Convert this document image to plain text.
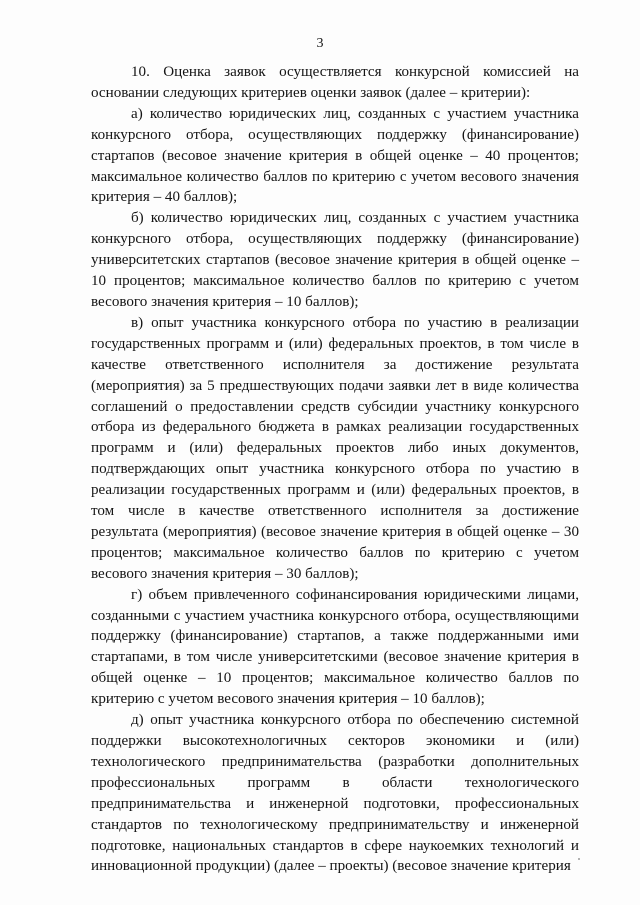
3

10. Оценка заявок осуществляется конкурсной комиссией на основании следующих критериев оценки заявок (далее – критерии):

а) количество юридических лиц, созданных с участием участника конкурсного отбора, осуществляющих поддержку (финансирование) стартапов (весовое значение критерия в общей оценке – 40 процентов; максимальное количество баллов по критерию с учетом весового значения критерия – 40 баллов);

б) количество юридических лиц, созданных с участием участника конкурсного отбора, осуществляющих поддержку (финансирование) университетских стартапов (весовое значение критерия в общей оценке – 10 процентов; максимальное количество баллов по критерию с учетом весового значения критерия – 10 баллов);

в) опыт участника конкурсного отбора по участию в реализации государственных программ и (или) федеральных проектов, в том числе в качестве ответственного исполнителя за достижение результата (мероприятия) за 5 предшествующих подачи заявки лет в виде количества соглашений о предоставлении средств субсидии участнику конкурсного отбора из федерального бюджета в рамках реализации государственных программ и (или) федеральных проектов либо иных документов, подтверждающих опыт участника конкурсного отбора по участию в реализации государственных программ и (или) федеральных проектов, в том числе в качестве ответственного исполнителя за достижение результата (мероприятия) (весовое значение критерия в общей оценке – 30 процентов; максимальное количество баллов по критерию с учетом весового значения критерия – 30 баллов);

г) объем привлеченного софинансирования юридическими лицами, созданными с участием участника конкурсного отбора, осуществляющими поддержку (финансирование) стартапов, а также поддержанными ими стартапами, в том числе университетскими (весовое значение критерия в общей оценке – 10 процентов; максимальное количество баллов по критерию с учетом весового значения критерия – 10 баллов);

д) опыт участника конкурсного отбора по обеспечению системной поддержки высокотехнологичных секторов экономики и (или) технологического предпринимательства (разработки дополнительных профессиональных программ в области технологического предпринимательства и инженерной подготовки, профессиональных стандартов по технологическому предпринимательству и инженерной подготовке, национальных стандартов в сфере наукоемких технологий и инновационной продукции) (далее – проекты) (весовое значение критерия
